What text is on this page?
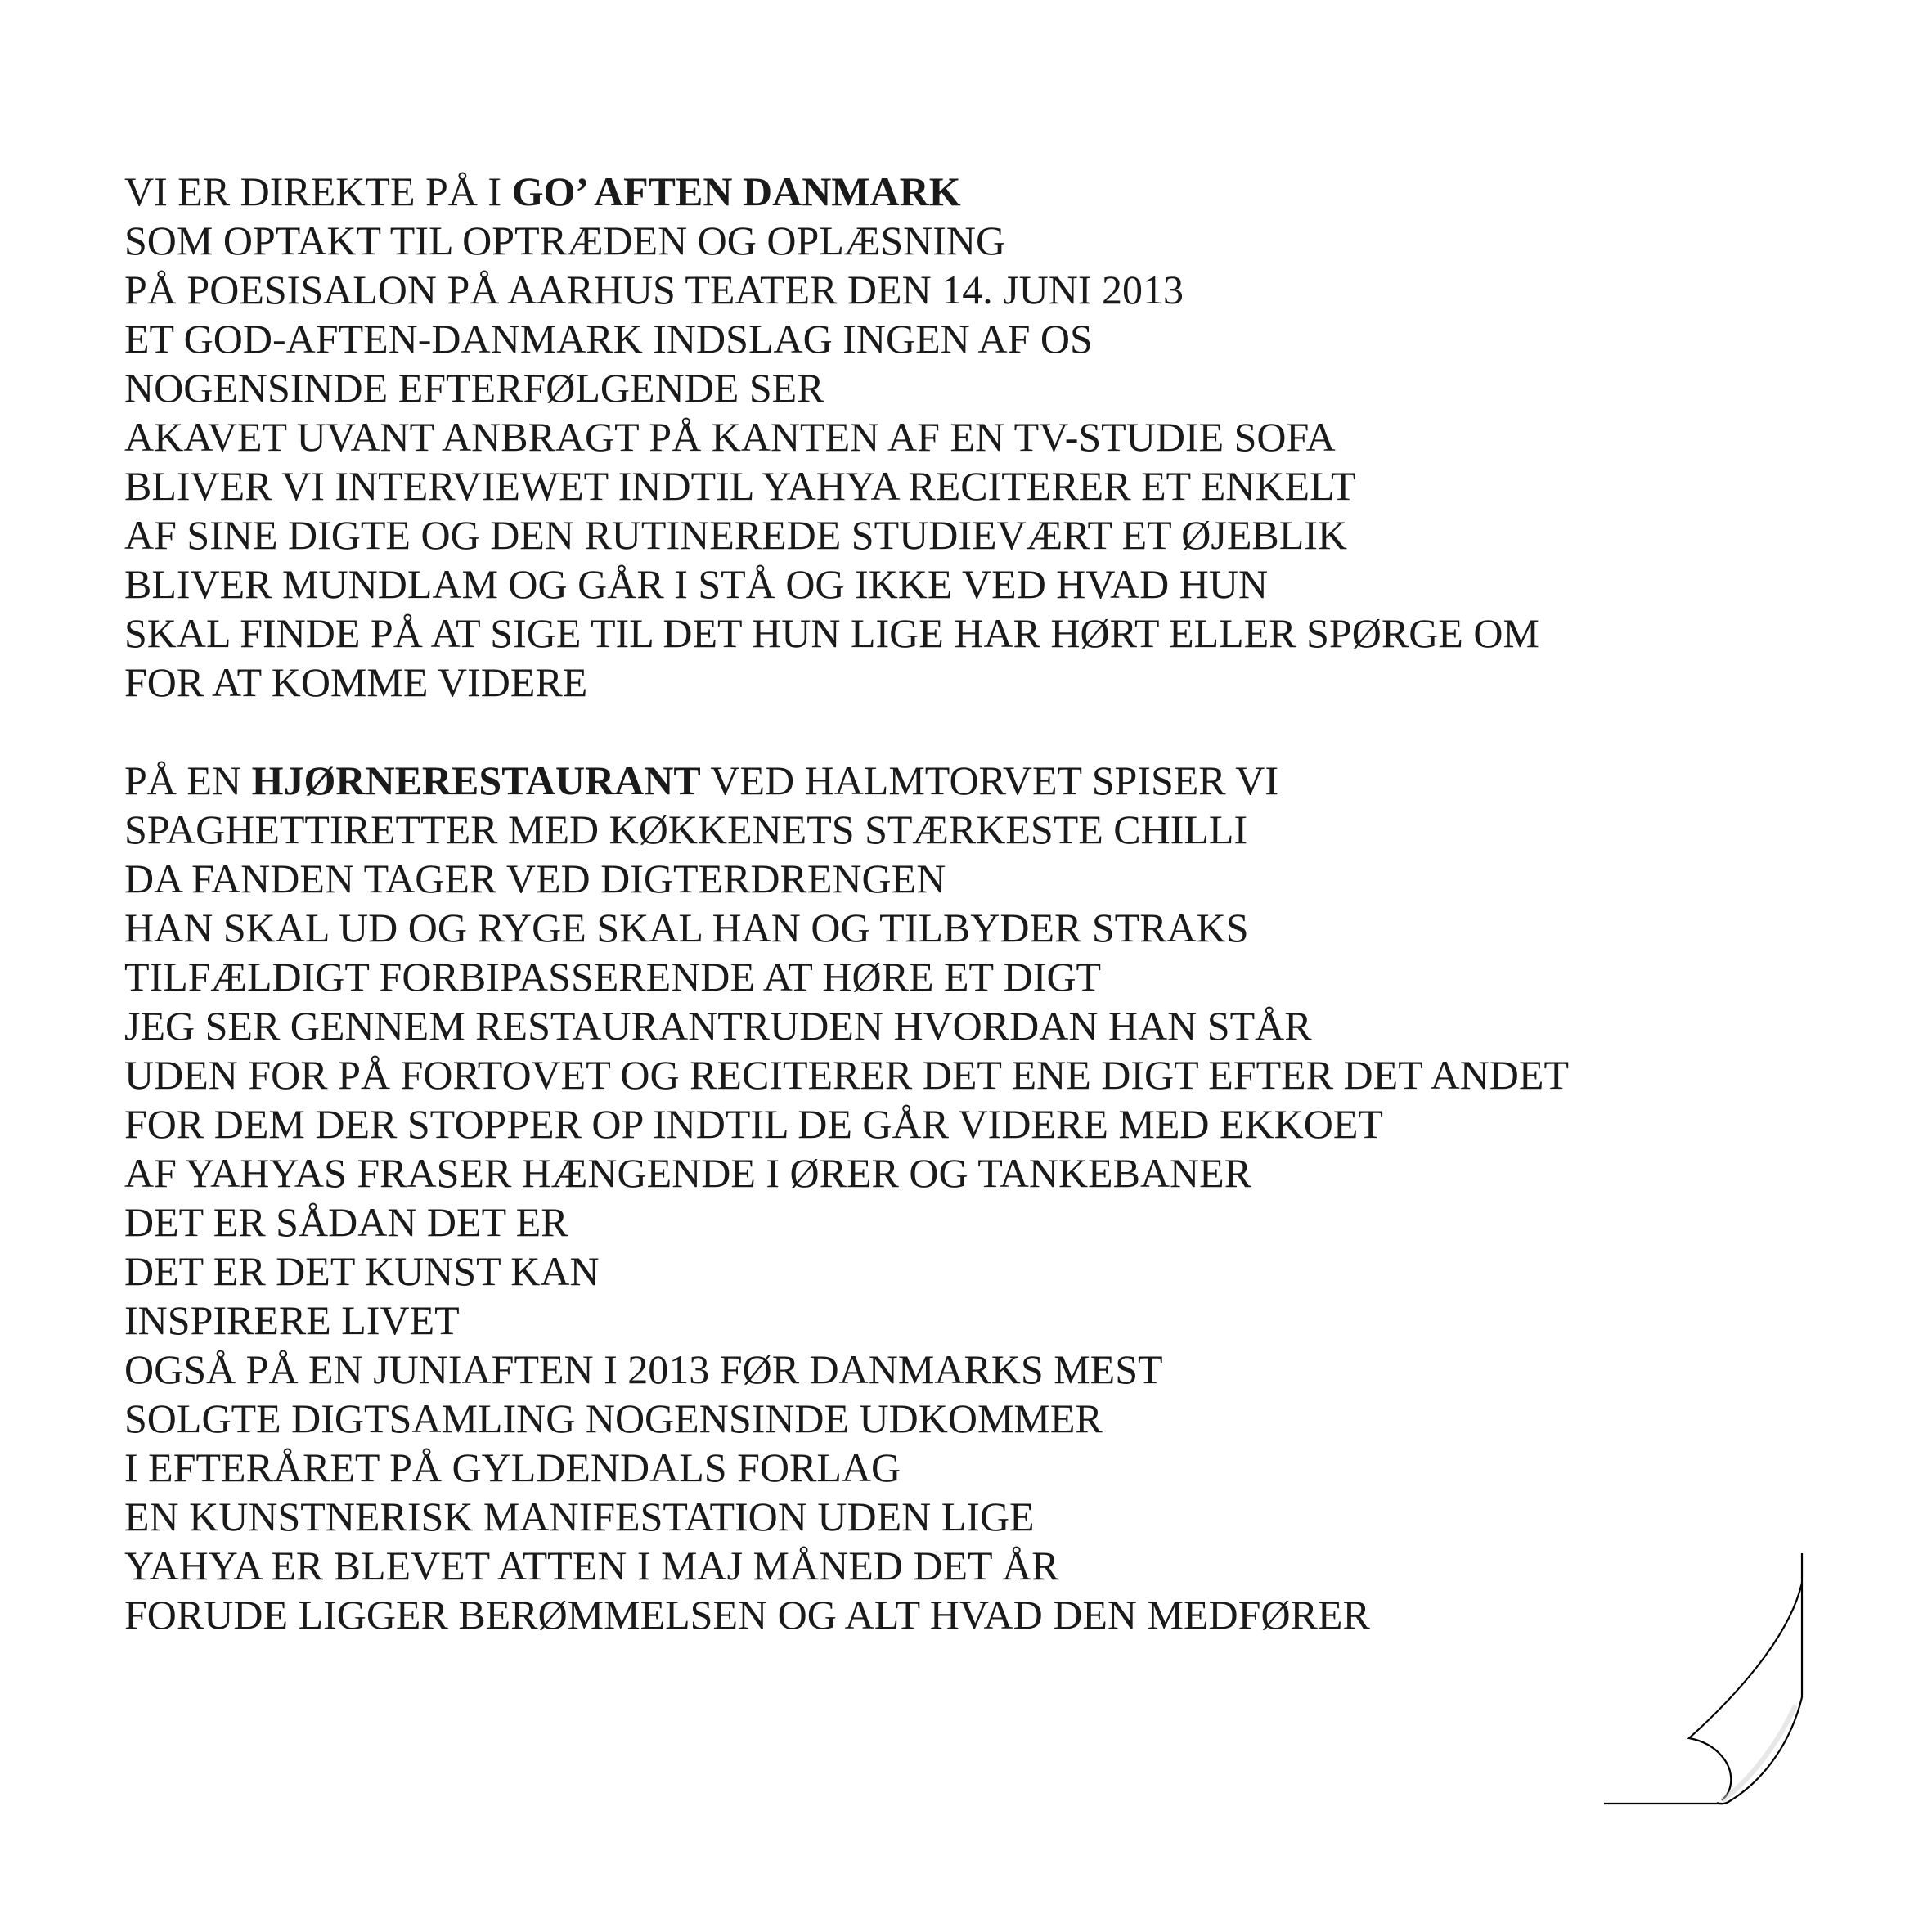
VI ER DIREKTE PÅ I GO’ AFTEN DANMARK
SOM OPTAKT TIL OPTRÆDEN OG OPLÆSNING
PÅ POESISALON PÅ AARHUS TEATER DEN 14. JUNI 2013
ET GOD-AFTEN-DANMARK INDSLAG INGEN AF OS
NOGENSINDE EFTERFØLGENDE SER
AKAVET UVANT ANBRAGT PÅ KANTEN AF EN TV-STUDIE SOFA
BLIVER VI INTERVIEWET INDTIL YAHYA RECITERER ET ENKELT
AF SINE DIGTE OG DEN RUTINEREDE STUDIEVÆRT ET ØJEBLIK
BLIVER MUNDLAM OG GÅR I STÅ OG IKKE VED HVAD HUN
SKAL FINDE PÅ AT SIGE TIL DET HUN LIGE HAR HØRT ELLER SPØRGE OM
FOR AT KOMME VIDERE
PÅ EN HJØRNERESTAURANT VED HALMTORVET SPISER VI
SPAGHETTIRETTER MED KØKKENETS STÆRKESTE CHILLI
DA FANDEN TAGER VED DIGTERDRENGEN
HAN SKAL UD OG RYGE SKAL HAN OG TILBYDER STRAKS
TILFÆLDIGT FORBIPASSERENDE AT HØRE ET DIGT
JEG SER GENNEM RESTAURANTRUDEN HVORDAN HAN STÅR
UDEN FOR PÅ FORTOVET OG RECITERER DET ENE DIGT EFTER DET ANDET
FOR DEM DER STOPPER OP INDTIL DE GÅR VIDERE MED EKKOET
AF YAHYAS FRASER HÆNGENDE I ØRER OG TANKEBANER
DET ER SÅDAN DET ER
DET ER DET KUNST KAN
INSPIRERE LIVET
OGSÅ PÅ EN JUNIAFTEN I 2013 FØR DANMARKS MEST
SOLGTE DIGTSAMLING NOGENSINDE UDKOMMER
I EFTERÅRET PÅ GYLDENDALS FORLAG
EN KUNSTNERISK MANIFESTATION UDEN LIGE
YAHYA ER BLEVET ATTEN I MAJ MÅNED DET ÅR
FORUDE LIGGER BERØMMELSEN OG ALT HVAD DEN MEDFØRER
